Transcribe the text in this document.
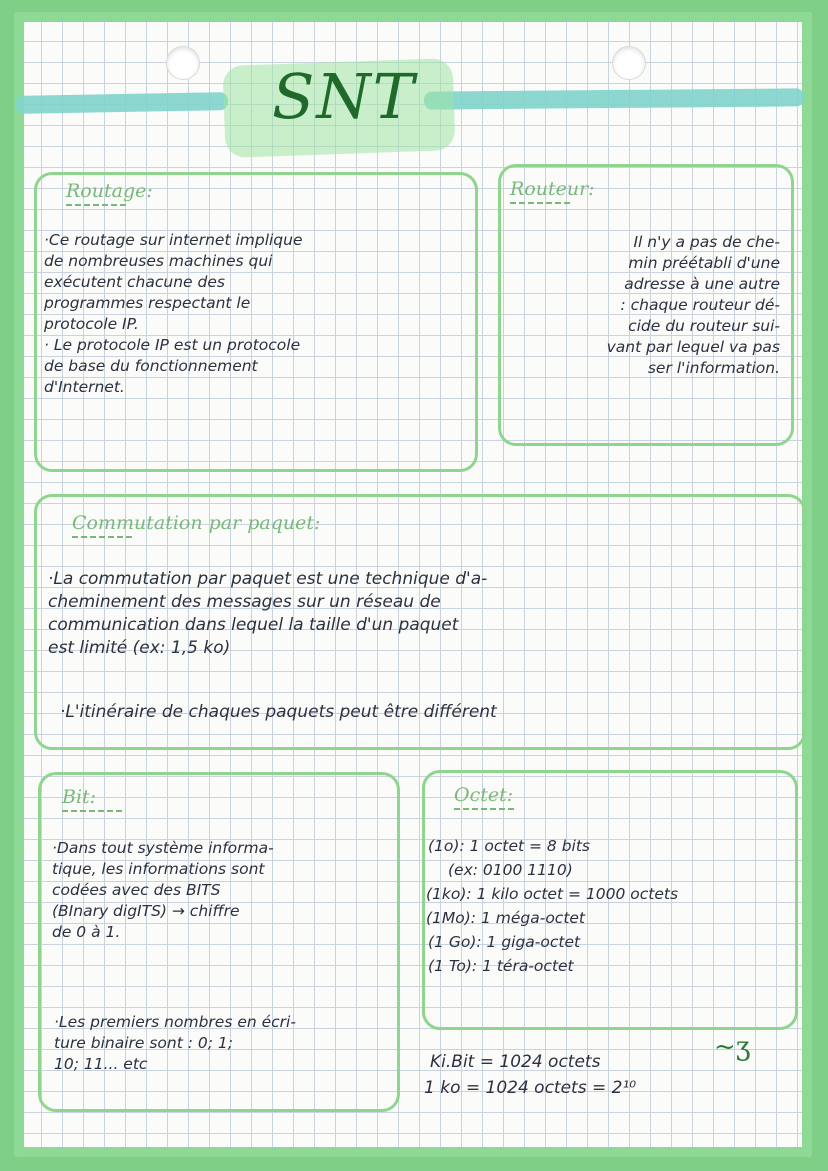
SNT
Routage:
·Ce routage sur internet implique
de nombreuses machines qui
exécutent chacune des
programmes respectant le
protocole IP.
· Le protocole IP est un protocole
de base du fonctionnement
d'Internet.
Routeur:
Il n'y a pas de che-
min préétabli d'une
adresse à une autre
: chaque routeur dé-
cide du routeur sui-
vant par lequel va pas
ser l'information.
Commutation par paquet:
·La commutation par paquet est une technique d'a-
cheminement des messages sur un réseau de
communication dans lequel la taille d'un paquet
est limité (ex: 1,5 ko)
·L'itinéraire de chaques paquets peut être différent
Bit:
·Dans tout système informa-
tique, les informations sont
codées avec des BITS
(BInary digITS) → chiffre
de 0 à 1.
·Les premiers nombres en écri-
ture binaire sont : 0; 1;
10; 11... etc
Octet:
(1o): 1 octet = 8 bits
(ex: 0100 1110)
(1ko): 1 kilo octet = 1000 octets
(1Mo): 1 méga-octet
(1 Go): 1 giga-octet
(1 To): 1 téra-octet
Ki.Bit = 1024 octets
1 ko = 1024 octets = 2¹⁰
~ʒ
